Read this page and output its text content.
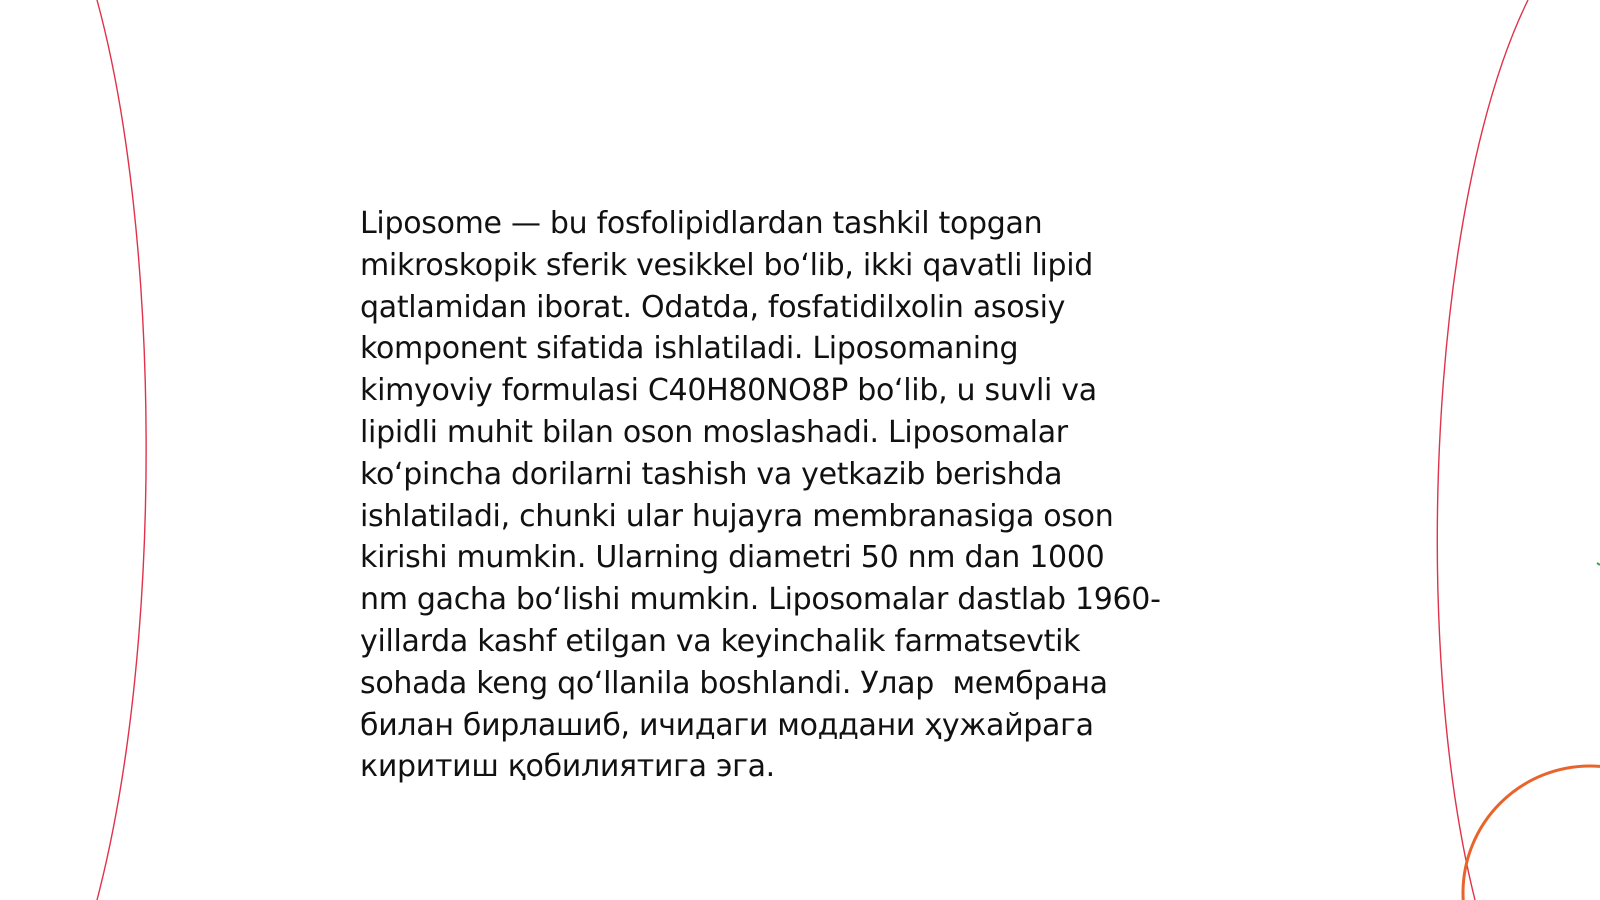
Liposome — bu fosfolipidlardan tashkil topgan
mikroskopik sferik vesikkel bo‘lib, ikki qavatli lipid
qatlamidan iborat. Odatda, fosfatidilxolin asosiy
komponent sifatida ishlatiladi. Liposomaning
kimyoviy formulasi C40H80NO8P bo‘lib, u suvli va
lipidli muhit bilan oson moslashadi. Liposomalar
ko‘pincha dorilarni tashish va yetkazib berishda
ishlatiladi, chunki ular hujayra membranasiga oson
kirishi mumkin. Ularning diametri 50 nm dan 1000
nm gacha bo‘lishi mumkin. Liposomalar dastlab 1960-
yillarda kashf etilgan va keyinchalik farmatsevtik
sohada keng qo‘llanila boshlandi. Улар  мембрана
билан бирлашиб, ичидаги моддани ҳужайрага
киритиш қобилиятига эга.
